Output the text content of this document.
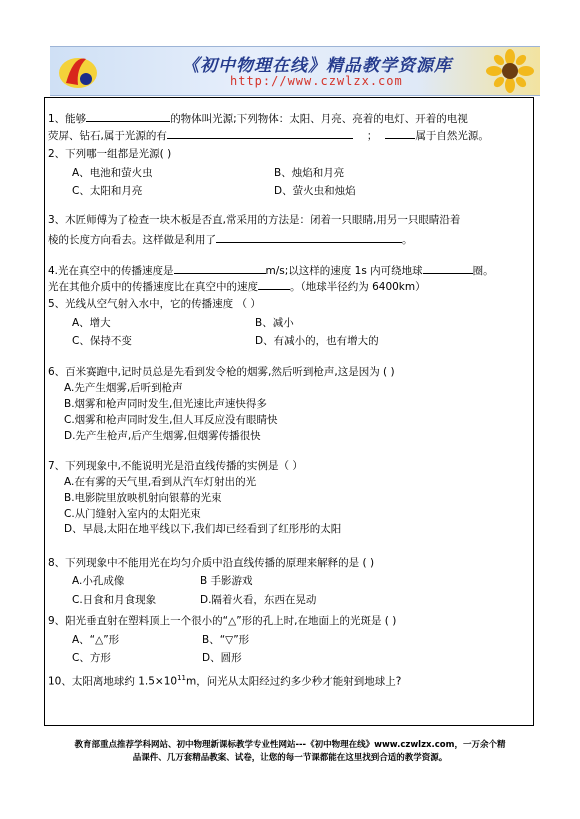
《初中物理在线》精品教学资源库
http://www.czwlzx.com
1、能够	的物体叫光源;下列物体：太阳、月亮、亮着的电灯、开着的电视
荧屏、钻石,属于光源的有	；	属于自然光源。
2、下列哪一组都是光源( )
A、电池和萤火虫	B、烛焰和月亮
C、太阳和月亮	D、萤火虫和烛焰
3、木匠师傅为了检查一块木板是否直,常采用的方法是：闭着一只眼睛,用另一只眼睛沿着
棱的长度方向看去。这样做是利用了	。
4.光在真空中的传播速度是	m/s;以这样的速度 1s 内可绕地球	圈。
光在其他介质中的传播速度比在真空中的速度	。（地球半径约为 6400km）
5、光线从空气射入水中，它的传播速度 （ ）
A、增大	B、减小
C、保持不变	D、有减小的，也有增大的
6、百米赛跑中,记时员总是先看到发令枪的烟雾,然后听到枪声,这是因为 ( )
A.先产生烟雾,后听到枪声
B.烟雾和枪声同时发生,但光速比声速快得多
C.烟雾和枪声同时发生,但人耳反应没有眼睛快
D.先产生枪声,后产生烟雾,但烟雾传播很快
7、下列现象中,不能说明光是沿直线传播的实例是（ ）
A.在有雾的天气里,看到从汽车灯射出的光
B.电影院里放映机射向银幕的光束
C.从门缝射入室内的太阳光束
D、早晨,太阳在地平线以下,我们却已经看到了红彤彤的太阳
8、下列现象中不能用光在均匀介质中沿直线传播的原理来解释的是 ( )
A.小孔成像	B 手影游戏
C.日食和月食现象	D.隔着火看，东西在晃动
9、阳光垂直射在塑料顶上一个很小的“△”形的孔上时,在地面上的光斑是 ( )
A、“△”形	B、“▽”形
C、方形	D、圆形
10、太阳离地球约 $1.5\times 10^{11}m$，问光从太阳经过约多少秒才能射到地球上?
教育部重点推荐学科网站、初中物理新课标教学专业性网站---《初中物理在线》www.czwlzx.com，一万余个精
品课件、几万套精品教案、试卷，让您的每一节课都能在这里找到合适的教学资源。
